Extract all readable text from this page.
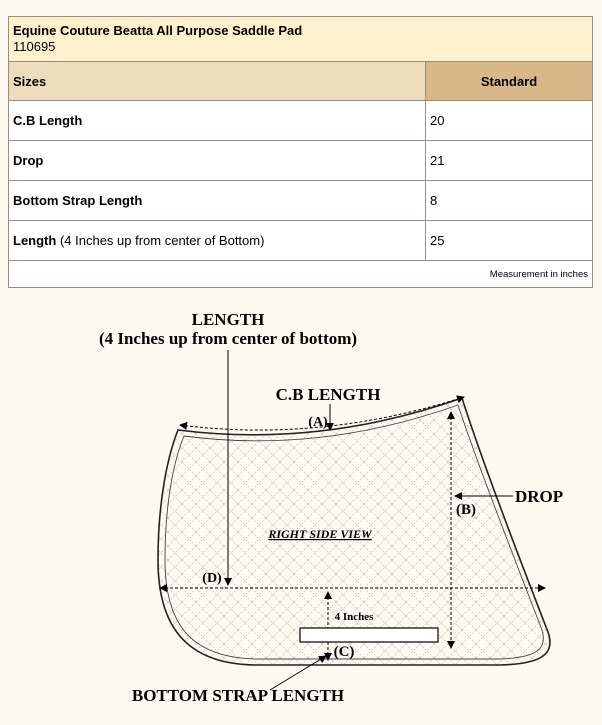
Equine Couture Beatta All Purpose Saddle Pad
110695	

Sizes	Standard
C.B Length	20
Drop	21
Bottom Strap Length	8
Length (4 Inches up from center of Bottom)	25
Measurement in inches	
LENGTH
(4 Inches up from center of bottom)
C.B LENGTH
(A)
DROP
(B)
RIGHT SIDE VIEW
(D)
4 Inches
(C)
BOTTOM STRAP LENGTH
